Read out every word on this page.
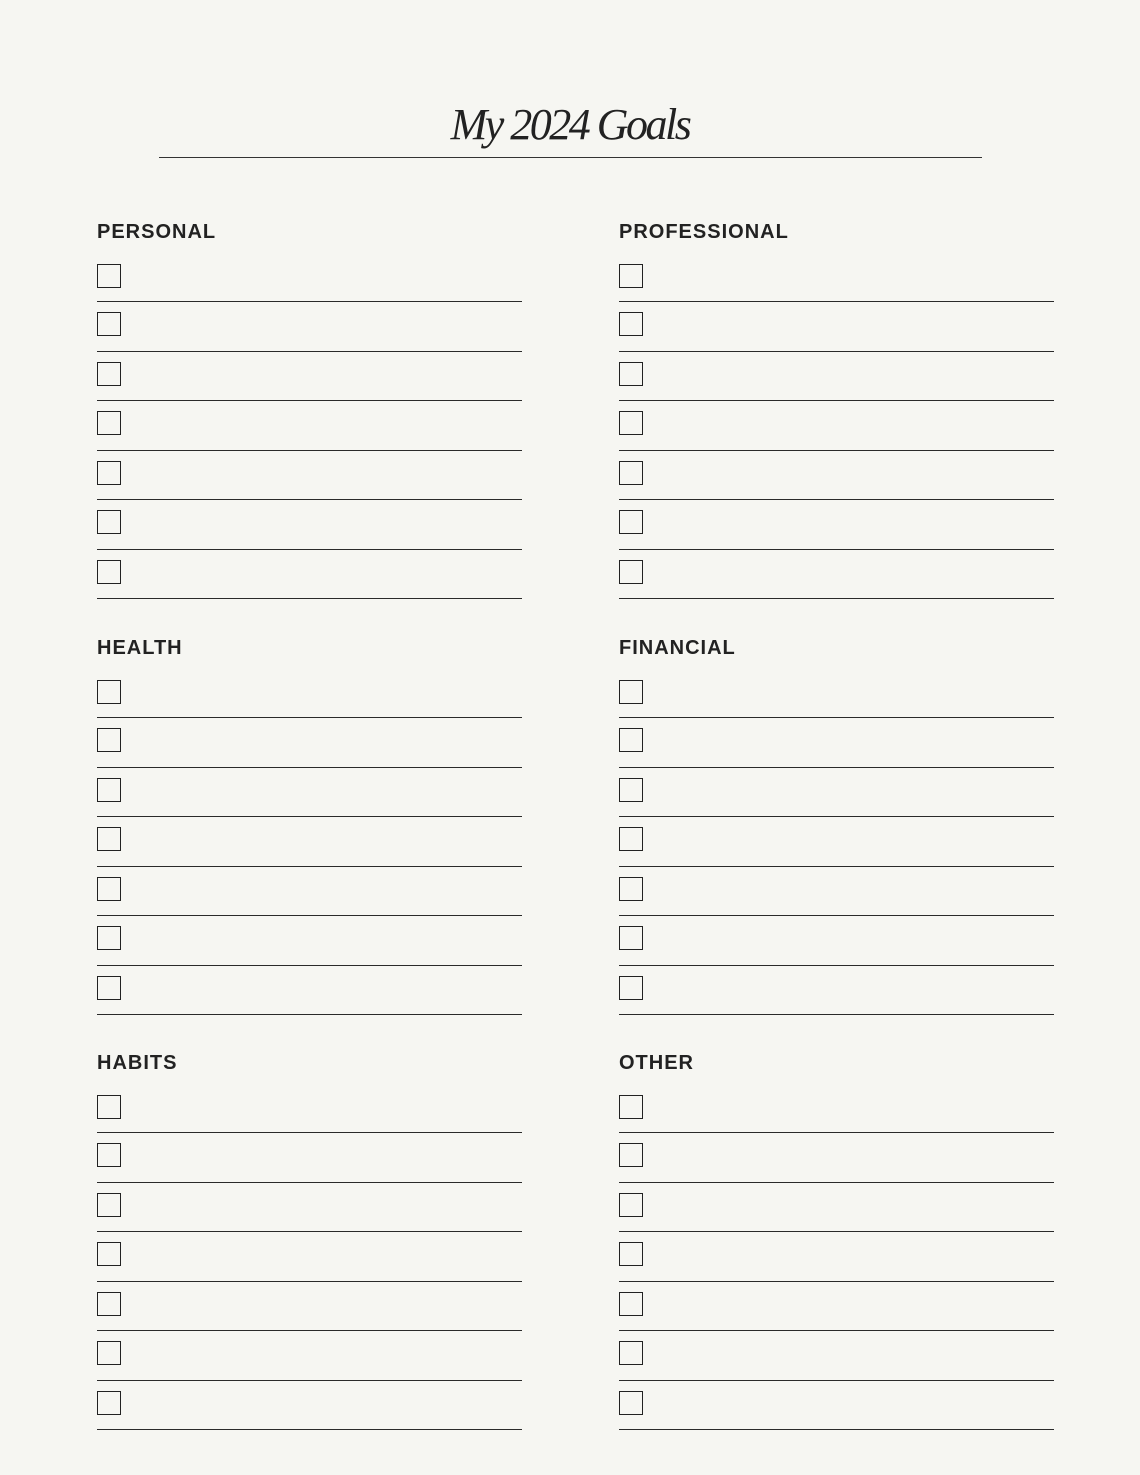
My 2024 Goals
PERSONAL	PROFESSIONAL
HEALTH	FINANCIAL
HABITS	OTHER
